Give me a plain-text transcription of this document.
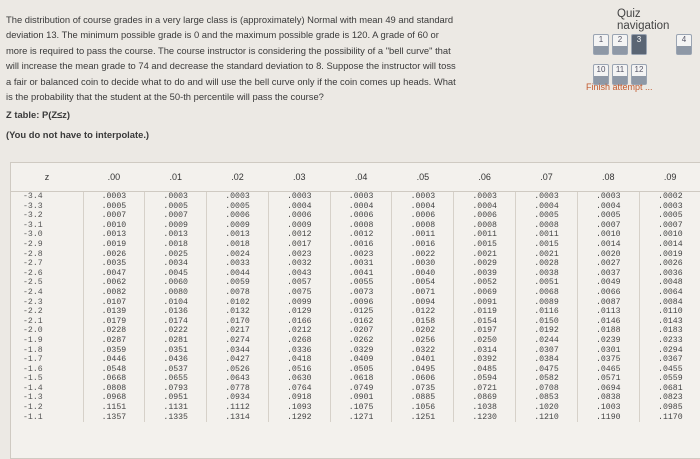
The distribution of course grades in a very large class is (approximately) Normal with mean 49 and standard

deviation 13. The minimum possible grade is 0 and the maximum possible grade is 120. A grade of 60 or

more is required to pass the course. The course instructor is considering the possibility of a "bell curve" that

will increase the mean grade to 74 and decrease the standard deviation to 8. Suppose the instructor will toss

a fair or balanced coin to decide what to do and will use the bell curve only if the coin comes up heads. What

is the probability that the student at the 50-th percentile will pass the course?

Z table: P(Z≤z)

(You do not have to interpolate.)

Quiz navigation
1	2	3	4
10	11	12
Finish attempt ...
z	.00	.01	.02	.03	.04	.05	.06	.07	.08	.09
-3.4	.0003	.0003	.0003	.0003	.0003	.0003	.0003	.0003	.0003	.0002
-3.3	.0005	.0005	.0005	.0004	.0004	.0004	.0004	.0004	.0004	.0003
-3.2	.0007	.0007	.0006	.0006	.0006	.0006	.0006	.0005	.0005	.0005
-3.1	.0010	.0009	.0009	.0009	.0008	.0008	.0008	.0008	.0007	.0007
-3.0	.0013	.0013	.0013	.0012	.0012	.0011	.0011	.0011	.0010	.0010
-2.9	.0019	.0018	.0018	.0017	.0016	.0016	.0015	.0015	.0014	.0014
-2.8	.0026	.0025	.0024	.0023	.0023	.0022	.0021	.0021	.0020	.0019
-2.7	.0035	.0034	.0033	.0032	.0031	.0030	.0029	.0028	.0027	.0026
-2.6	.0047	.0045	.0044	.0043	.0041	.0040	.0039	.0038	.0037	.0036
-2.5	.0062	.0060	.0059	.0057	.0055	.0054	.0052	.0051	.0049	.0048
-2.4	.0082	.0080	.0078	.0075	.0073	.0071	.0069	.0068	.0066	.0064
-2.3	.0107	.0104	.0102	.0099	.0096	.0094	.0091	.0089	.0087	.0084
-2.2	.0139	.0136	.0132	.0129	.0125	.0122	.0119	.0116	.0113	.0110
-2.1	.0179	.0174	.0170	.0166	.0162	.0158	.0154	.0150	.0146	.0143
-2.0	.0228	.0222	.0217	.0212	.0207	.0202	.0197	.0192	.0188	.0183
-1.9	.0287	.0281	.0274	.0268	.0262	.0256	.0250	.0244	.0239	.0233
-1.8	.0359	.0351	.0344	.0336	.0329	.0322	.0314	.0307	.0301	.0294
-1.7	.0446	.0436	.0427	.0418	.0409	.0401	.0392	.0384	.0375	.0367
-1.6	.0548	.0537	.0526	.0516	.0505	.0495	.0485	.0475	.0465	.0455
-1.5	.0668	.0655	.0643	.0630	.0618	.0606	.0594	.0582	.0571	.0559
-1.4	.0808	.0793	.0778	.0764	.0749	.0735	.0721	.0708	.0694	.0681
-1.3	.0968	.0951	.0934	.0918	.0901	.0885	.0869	.0853	.0838	.0823
-1.2	.1151	.1131	.1112	.1093	.1075	.1056	.1038	.1020	.1003	.0985
-1.1	.1357	.1335	.1314	.1292	.1271	.1251	.1230	.1210	.1190	.1170
